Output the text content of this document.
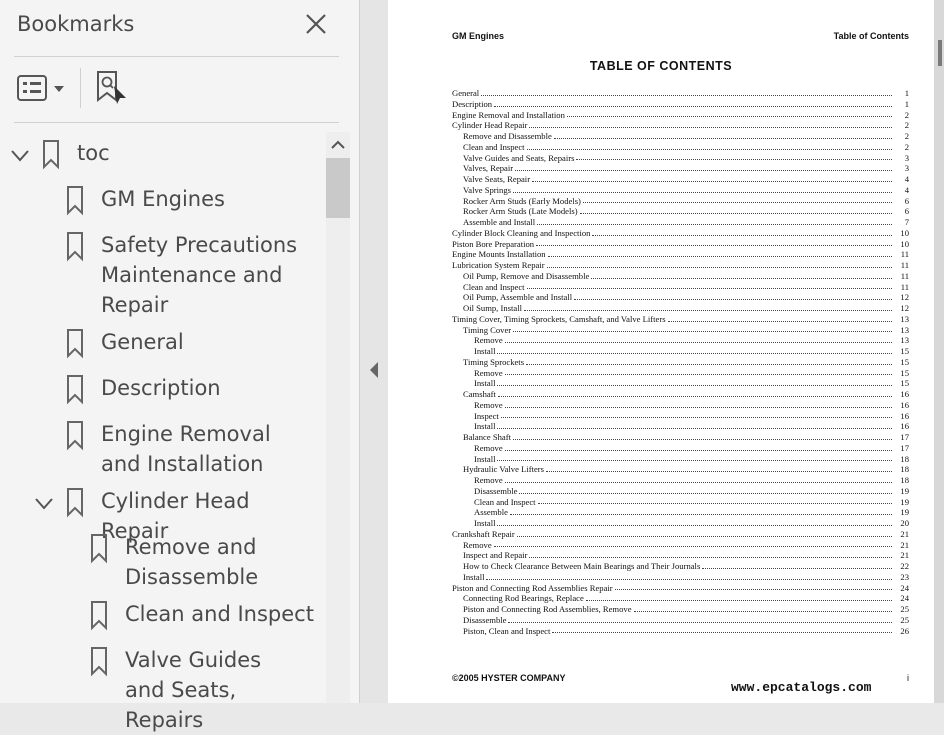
Bookmarks
toc
GM Engines
Safety Precautions Maintenance and Repair
General
Description
Engine Removal and Installation
Cylinder Head Repair
Remove and Disassemble
Clean and Inspect
Valve Guides and Seats, Repairs
GM Engines	Table of Contents
TABLE OF CONTENTS
General	1
Description	1
Engine Removal and Installation	2
Cylinder Head Repair	2
Remove and Disassemble	2
Clean and Inspect	2
Valve Guides and Seats, Repairs	3
Valves, Repair	3
Valve Seats, Repair	4
Valve Springs	4
Rocker Arm Studs (Early Models)	6
Rocker Arm Studs (Late Models)	6
Assemble and Install	7
Cylinder Block Cleaning and Inspection	10
Piston Bore Preparation	10
Engine Mounts Installation	11
Lubrication System Repair	11
Oil Pump, Remove and Disassemble	11
Clean and Inspect	11
Oil Pump, Assemble and Install	12
Oil Sump, Install	12
Timing Cover, Timing Sprockets, Camshaft, and Valve Lifters	13
Timing Cover	13
Remove	13
Install	15
Timing Sprockets	15
Remove	15
Install	15
Camshaft	16
Remove	16
Inspect	16
Install	16
Balance Shaft	17
Remove	17
Install	18
Hydraulic Valve Lifters	18
Remove	18
Disassemble	19
Clean and Inspect	19
Assemble	19
Install	20
Crankshaft Repair	21
Remove	21
Inspect and Repair	21
How to Check Clearance Between Main Bearings and Their Journals	22
Install	23
Piston and Connecting Rod Assemblies Repair	24
Connecting Rod Bearings, Replace	24
Piston and Connecting Rod Assemblies, Remove	25
Disassemble	25
Piston, Clean and Inspect	26
©2005 HYSTER COMPANY	i
www.epcatalogs.com
